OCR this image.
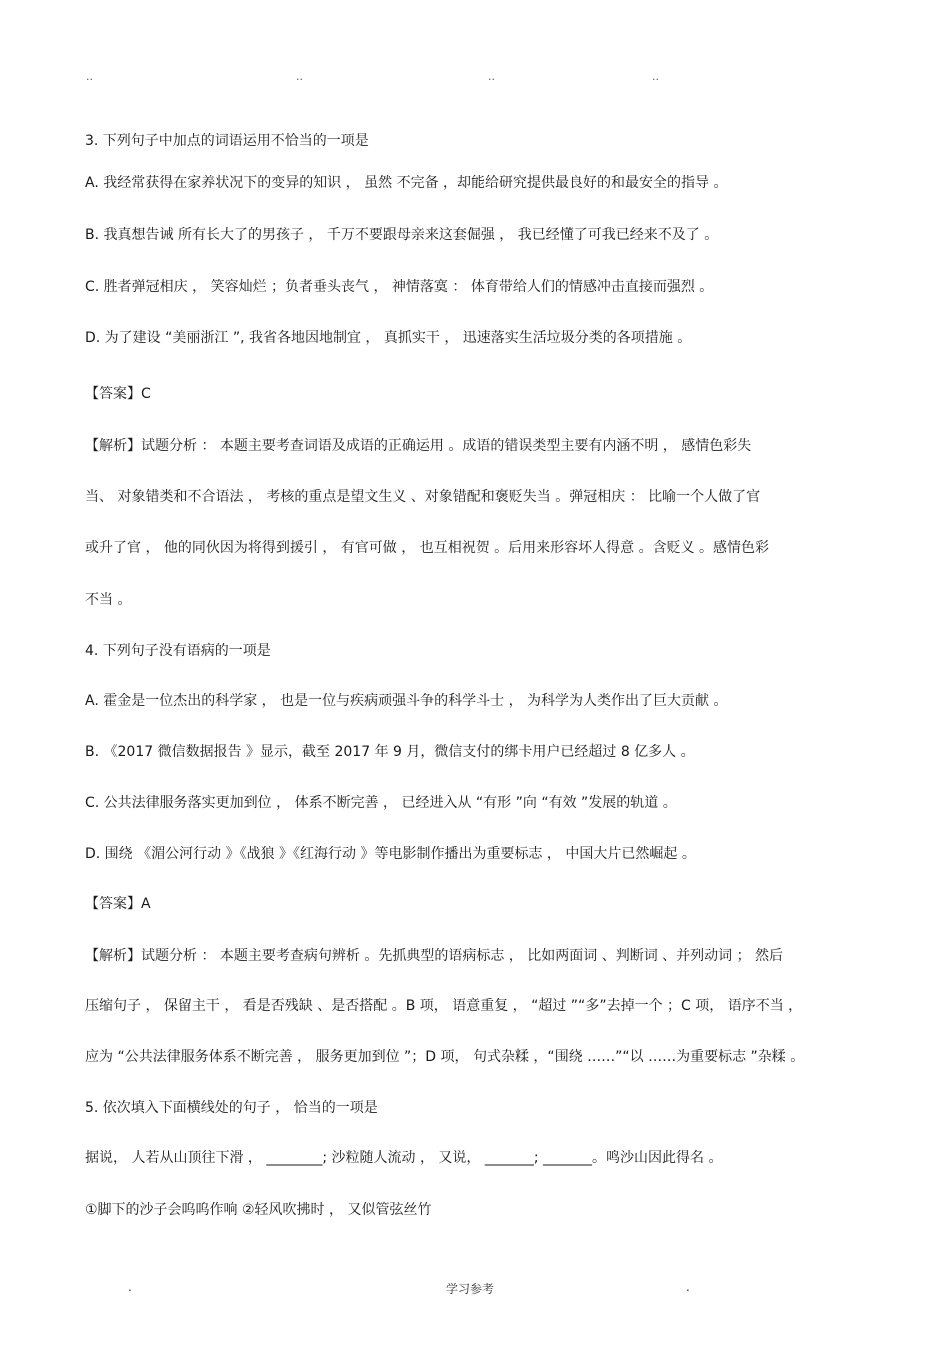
..	..	..	..
3. 下列句子中加点的词语运用不恰当的一项是
A. 我经常获得在家养状况下的变异的知识 ， 虽然 不完备 ，却能给研究提供最良好的和最安全的指导 。
B. 我真想告诫 所有长大了的男孩子 ， 千万不要跟母亲来这套倔强 ， 我已经懂了可我已经来不及了 。
C. 胜者弹冠相庆 ， 笑容灿烂 ；负者垂头丧气 ， 神情落寞 ： 体育带给人们的情感冲击直接而强烈 。
D. 为了建设 “美丽浙江 ”, 我省各地因地制宜 ， 真抓实干 ， 迅速落实生活垃圾分类的各项措施 。
【答案】C
【解析】试题分析 ： 本题主要考查词语及成语的正确运用 。成语的错误类型主要有内涵不明 ， 感情色彩失
当、 对象错类和不合语法 ， 考核的重点是望文生义 、对象错配和褒贬失当 。弹冠相庆 ： 比喻一个人做了官
或升了官 ， 他的同伙因为将得到援引 ， 有官可做 ， 也互相祝贺 。后用来形容坏人得意 。含贬义 。感情色彩
不当 。
4. 下列句子没有语病的一项是
A. 霍金是一位杰出的科学家 ， 也是一位与疾病顽强斗争的科学斗士 ， 为科学为人类作出了巨大贡献 。
B. 《2017 微信数据报告 》显示，截至 2017 年 9 月，微信支付的绑卡用户已经超过 8 亿多人 。
C. 公共法律服务落实更加到位 ， 体系不断完善 ， 已经进入从 “有形 ”向 “有效 ”发展的轨道 。
D. 围绕 《湄公河行动 》《战狼 》《红海行动 》等电影制作播出为重要标志 ， 中国大片已然崛起 。
【答案】A
【解析】试题分析 ： 本题主要考查病句辨析 。先抓典型的语病标志 ， 比如两面词 、判断词 、并列动词 ； 然后
压缩句子 ， 保留主干 ， 看是否残缺 、是否搭配 。B 项， 语意重复 ， “超过 ”“多”去掉一个 ；C 项， 语序不当 ，
应为 “公共法律服务体系不断完善 ， 服务更加到位 ”；D 项， 句式杂糅 ，“围绕 ……”“以 ……为重要标志 ”杂糅 。
5. 依次填入下面横线处的句子 ， 恰当的一项是
据说， 人若从山顶往下滑 ， ________; 沙粒随人流动 ， 又说， _______; _______。鸣沙山因此得名 。
①脚下的沙子会呜呜作响 ②轻风吹拂时 ， 又似管弦丝竹
.	学习参考	.
